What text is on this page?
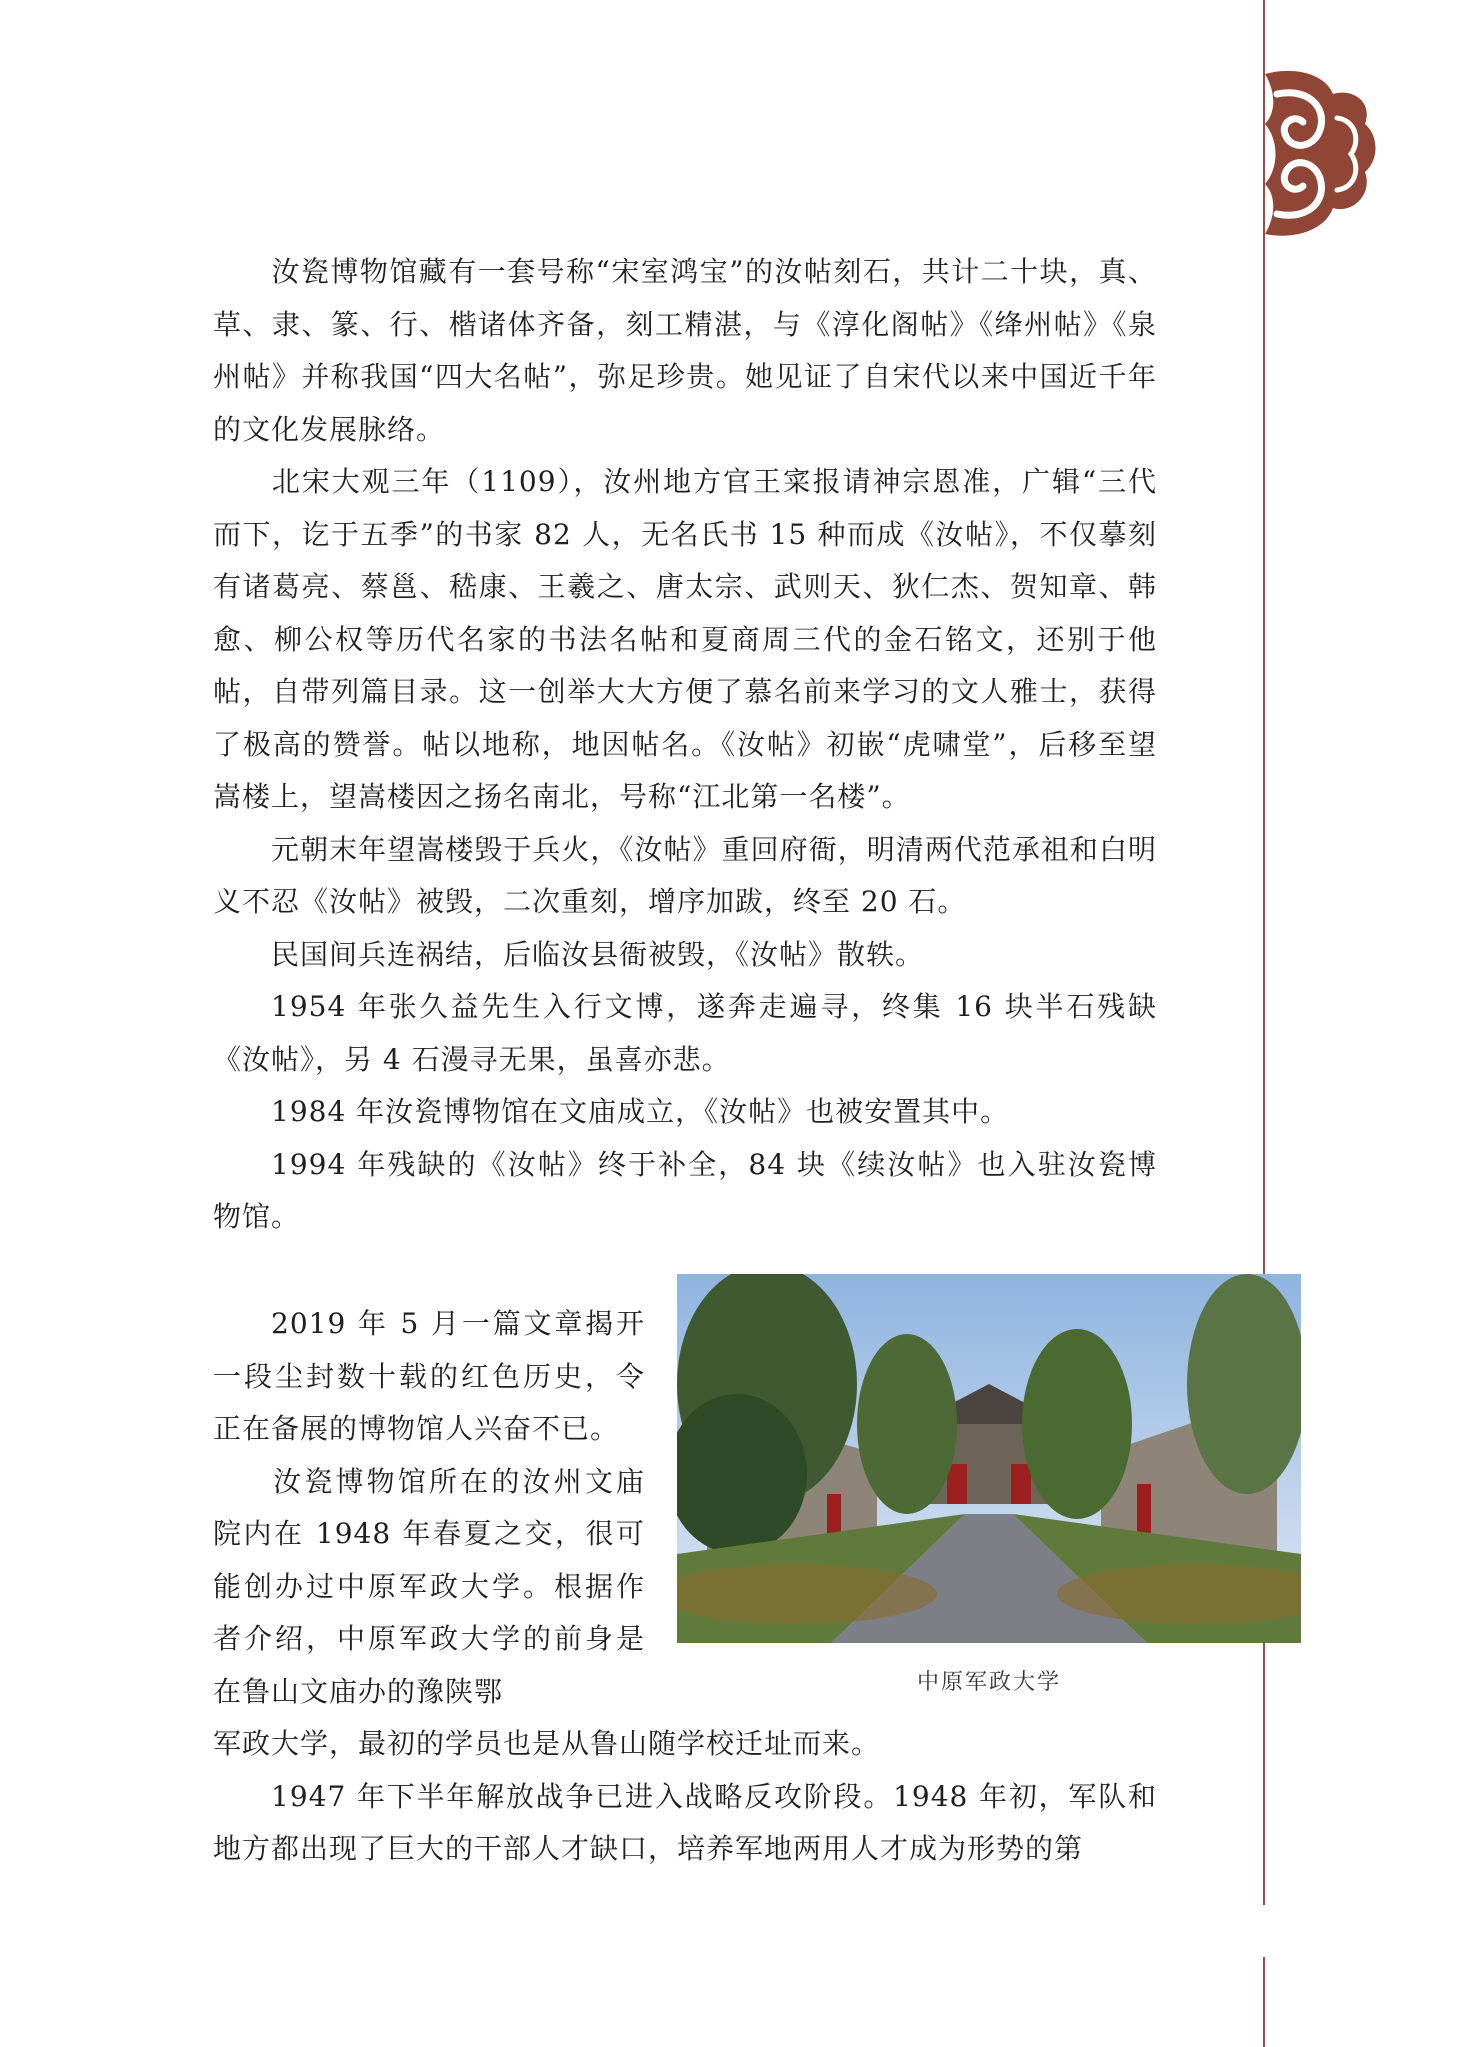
汝瓷博物馆藏有一套号称“宋室鸿宝”的汝帖刻石，共计二十块，真、草、隶、篆、行、楷诸体齐备，刻工精湛，与《淳化阁帖》《绛州帖》《泉州帖》并称我国“四大名帖”，弥足珍贵。她见证了自宋代以来中国近千年的文化发展脉络。

北宋大观三年（1109），汝州地方官王寀报请神宗恩准，广辑“三代而下，讫于五季”的书家 82 人，无名氏书 15 种而成《汝帖》，不仅摹刻有诸葛亮、蔡邕、嵇康、王羲之、唐太宗、武则天、狄仁杰、贺知章、韩愈、柳公权等历代名家的书法名帖和夏商周三代的金石铭文，还别于他帖，自带列篇目录。这一创举大大方便了慕名前来学习的文人雅士，获得了极高的赞誉。帖以地称，地因帖名。《汝帖》初嵌“虎啸堂”，后移至望嵩楼上，望嵩楼因之扬名南北，号称“江北第一名楼”。

元朝末年望嵩楼毁于兵火，《汝帖》重回府衙，明清两代范承祖和白明义不忍《汝帖》被毁，二次重刻，增序加跋，终至 20 石。

民国间兵连祸结，后临汝县衙被毁，《汝帖》散轶。

1954 年张久益先生入行文博，遂奔走遍寻，终集 16 块半石残缺《汝帖》，另 4 石漫寻无果，虽喜亦悲。

1984 年汝瓷博物馆在文庙成立，《汝帖》也被安置其中。

1994 年残缺的《汝帖》终于补全，84 块《续汝帖》也入驻汝瓷博物馆。

2019 年 5 月一篇文章揭开一段尘封数十载的红色历史，令正在备展的博物馆人兴奋不已。

汝瓷博物馆所在的汝州文庙院内在 1948 年春夏之交，很可能创办过中原军政大学。根据作者介绍，中原军政大学的前身是在鲁山文庙办的豫陕鄂

军政大学，最初的学员也是从鲁山随学校迁址而来。

1947 年下半年解放战争已进入战略反攻阶段。1948 年初，军队和地方都出现了巨大的干部人才缺口，培养军地两用人才成为形势的第

中原军政大学
